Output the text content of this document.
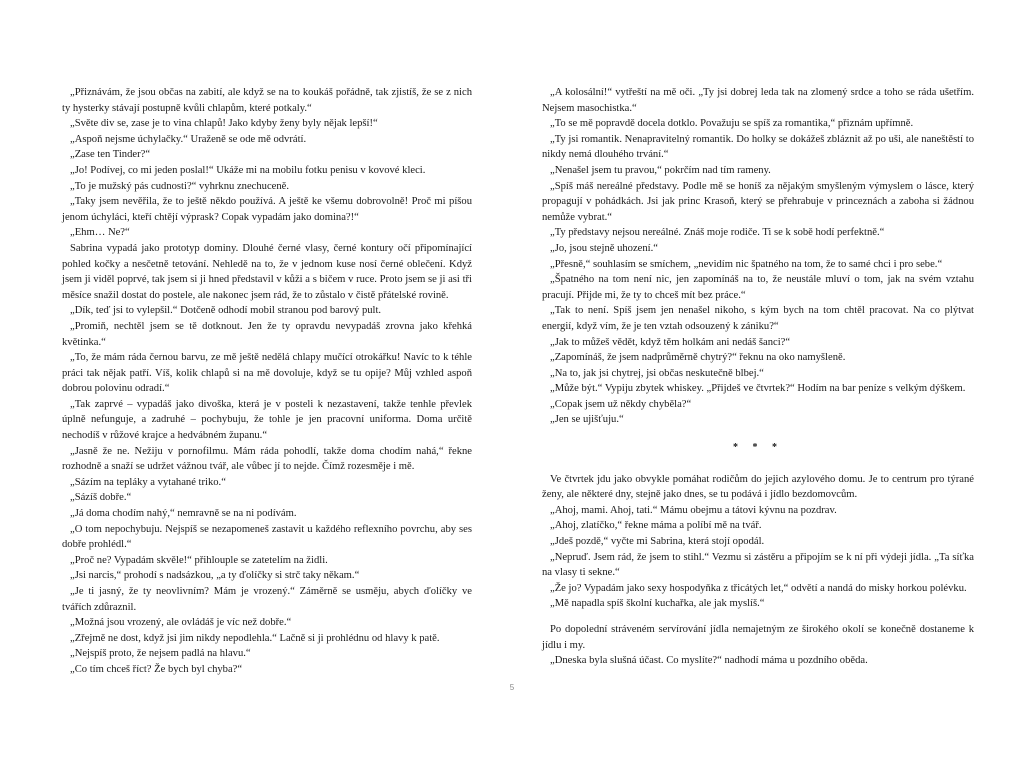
„Přiznávám, že jsou občas na zabití, ale když se na to koukáš pořádně, tak zjistíš, že se z nich ty hysterky stávají postupně kvůli chlapům, které potkaly.“

„Světe div se, zase je to vina chlapů! Jako kdyby ženy byly nějak lepší!“

„Aspoň nejsme úchylačky.“ Uraženě se ode mě odvrátí.

„Zase ten Tinder?“

„Jo! Podívej, co mi jeden poslal!“ Ukáže mi na mobilu fotku penisu v kovové kleci.

„To je mužský pás cudnosti?“ vyhrknu znechuceně.

„Taky jsem nevěřila, že to ještě někdo používá. A ještě ke všemu dobrovolně! Proč mi píšou jenom úchyláci, kteří chtějí výprask? Copak vypadám jako domina?!“

„Ehm… Ne?“

Sabrina vypadá jako prototyp dominy. Dlouhé černé vlasy, černé kontury očí připomínající pohled kočky a nesčetně tetování. Nehledě na to, že v jednom kuse nosí černé oblečení. Když jsem ji viděl poprvé, tak jsem si ji hned představil v kůži a s bičem v ruce. Proto jsem se ji asi tři měsíce snažil dostat do postele, ale nakonec jsem rád, že to zůstalo v čistě přátelské rovině.

„Dík, teď jsi to vylepšil.“ Dotčeně odhodí mobil stranou pod barový pult.

„Promiň, nechtěl jsem se tě dotknout. Jen že ty opravdu nevypadáš zrovna jako křehká květinka.“

„To, že mám ráda černou barvu, ze mě ještě nedělá chlapy mučící otrokářku! Navíc to k téhle práci tak nějak patří. Víš, kolik chlapů si na mě dovoluje, když se tu opije? Můj vzhled aspoň dobrou polovinu odradí.“

„Tak zaprvé – vypadáš jako divoška, která je v posteli k nezastavení, takže tenhle převlek úplně nefunguje, a zadruhé – pochybuju, že tohle je jen pracovní uniforma. Doma určitě nechodíš v růžové krajce a hedvábném županu.“

„Jasně že ne. Nežiju v pornofilmu. Mám ráda pohodlí, takže doma chodím nahá,“ řekne rozhodně a snaží se udržet vážnou tvář, ale vůbec jí to nejde. Čímž rozesměje i mě.

„Sázím na tepláky a vytahané triko.“

„Sázíš dobře.“

„Já doma chodím nahý,“ nemravně se na ni podívám.

„O tom nepochybuju. Nejspíš se nezapomeneš zastavit u každého reflexního povrchu, aby ses dobře prohlédl.“

„Proč ne? Vypadám skvěle!“ přihlouple se zatetelím na židli.

„Jsi narcis,“ prohodí s nadsázkou, „a ty ďolíčky si strč taky někam.“

„Je ti jasný, že ty neovlivním? Mám je vrozený.“ Záměrně se usměju, abych ďolíčky ve tvářích zdůraznil.

„Možná jsou vrozený, ale ovládáš je víc než dobře.“

„Zřejmě ne dost, když jsi jim nikdy nepodlehla.“ Lačně si ji prohlédnu od hlavy k patě.

„Nejspíš proto, že nejsem padlá na hlavu.“

„Co tím chceš říct? Že bych byl chyba?“

„A kolosální!“ vytřeští na mě oči. „Ty jsi dobrej leda tak na zlomený srdce a toho se ráda ušetřím. Nejsem masochistka.“

„To se mě popravdě docela dotklo. Považuju se spíš za romantika,“ přiznám upřímně.

„Ty jsi romantik. Nenapravitelný romantik. Do holky se dokážeš zbláznit až po uši, ale naneštěstí to nikdy nemá dlouhého trvání.“

„Nenašel jsem tu pravou,“ pokrčím nad tím rameny.

„Spíš máš nereálné představy. Podle mě se honíš za nějakým smyšleným výmyslem o lásce, který propagují v pohádkách. Jsi jak princ Krasoň, který se přehrabuje v princeznách a zaboha si žádnou nemůže vybrat.“

„Ty představy nejsou nereálné. Znáš moje rodiče. Ti se k sobě hodí perfektně.“

„Jo, jsou stejně uhození.“

„Přesně,“ souhlasím se smíchem, „nevidím nic špatného na tom, že to samé chci i pro sebe.“

„Špatného na tom není nic, jen zapomínáš na to, že neustále mluví o tom, jak na svém vztahu pracují. Přijde mi, že ty to chceš mít bez práce.“

„Tak to není. Spíš jsem jen nenašel nikoho, s kým bych na tom chtěl pracovat. Na co plýtvat energií, když vím, že je ten vztah odsouzený k zániku?“

„Jak to můžeš vědět, když těm holkám ani nedáš šanci?“

„Zapomínáš, že jsem nadprůměrně chytrý?“ řeknu na oko namyšleně.

„Na to, jak jsi chytrej, jsi občas neskutečně blbej.“

„Může být.“ Vypiju zbytek whiskey. „Přijdeš ve čtvrtek?“ Hodím na bar peníze s velkým dýškem.

„Copak jsem už někdy chyběla?“

„Jen se ujišťuju.“

* * *

Ve čtvrtek jdu jako obvykle pomáhat rodičům do jejich azylového domu. Je to centrum pro týrané ženy, ale některé dny, stejně jako dnes, se tu podává i jídlo bezdomovcům.

„Ahoj, mami. Ahoj, tati.“ Mámu obejmu a tátovi kývnu na pozdrav.

„Ahoj, zlatíčko,“ řekne máma a políbí mě na tvář.

„Jdeš pozdě,“ vyčte mi Sabrina, která stojí opodál.

„Nepruď. Jsem rád, že jsem to stihl.“ Vezmu si zástěru a připojím se k ní při výdeji jídla. „Ta síťka na vlasy ti sekne.“

„Že jo? Vypadám jako sexy hospodyňka z třicátých let,“ odvětí a nandá do misky horkou polévku.

„Mě napadla spíš školní kuchařka, ale jak myslíš.“

Po dopolední stráveném servírování jídla nemajetným ze širokého okolí se konečně dostaneme k jídlu i my.

„Dneska byla slušná účast. Co myslíte?“ nadhodí máma u pozdního oběda.

5
